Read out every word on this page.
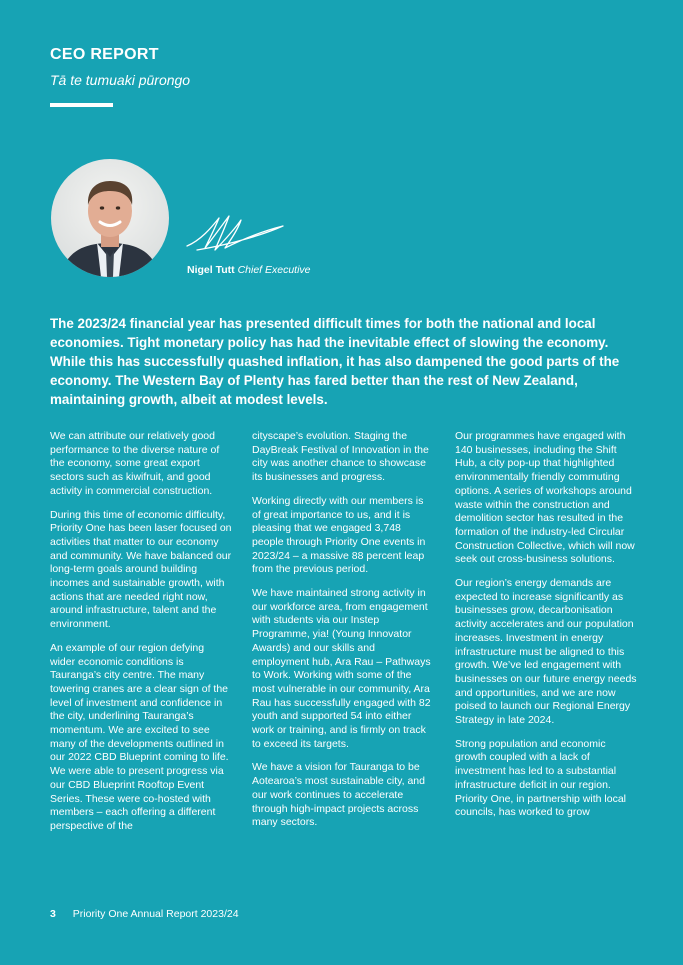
CEO REPORT

Tā te tumuaki pūrongo

Nigel Tutt Chief Executive

The 2023/24 financial year has presented difficult times for both the national and local economies. Tight monetary policy has had the inevitable effect of slowing the economy. While this has successfully quashed inflation, it has also dampened the good parts of the economy. The Western Bay of Plenty has fared better than the rest of New Zealand, maintaining growth, albeit at modest levels.

We can attribute our relatively good performance to the diverse nature of the economy, some great export sectors such as kiwifruit, and good activity in commercial construction.

During this time of economic difficulty, Priority One has been laser focused on activities that matter to our economy and community. We have balanced our long-term goals around building incomes and sustainable growth, with actions that are needed right now, around infrastructure, talent and the environment.

An example of our region defying wider economic conditions is Tauranga’s city centre. The many towering cranes are a clear sign of the level of investment and confidence in the city, underlining Tauranga’s momentum. We are excited to see many of the developments outlined in our 2022 CBD Blueprint coming to life. We were able to present progress via our CBD Blueprint Rooftop Event Series. These were co-hosted with members – each offering a different perspective of the

cityscape’s evolution. Staging the DayBreak Festival of Innovation in the city was another chance to showcase its businesses and progress.

Working directly with our members is of great importance to us, and it is pleasing that we engaged 3,748 people through Priority One events in 2023/24 – a massive 88 percent leap from the previous period.

We have maintained strong activity in our workforce area, from engagement with students via our Instep Programme, yia! (Young Innovator Awards) and our skills and employment hub, Ara Rau – Pathways to Work. Working with some of the most vulnerable in our community, Ara Rau has successfully engaged with 82 youth and supported 54 into either work or training, and is firmly on track to exceed its targets.

We have a vision for Tauranga to be Aotearoa’s most sustainable city, and our work continues to accelerate through high-impact projects across many sectors.

Our programmes have engaged with 140 businesses, including the Shift Hub, a city pop-up that highlighted environmentally friendly commuting options. A series of workshops around waste within the construction and demolition sector has resulted in the formation of the industry-led Circular Construction Collective, which will now seek out cross-business solutions.

Our region’s energy demands are expected to increase significantly as businesses grow, decarbonisation activity accelerates and our population increases. Investment in energy infrastructure must be aligned to this growth. We’ve led engagement with businesses on our future energy needs and opportunities, and we are now poised to launch our Regional Energy Strategy in late 2024.

Strong population and economic growth coupled with a lack of investment has led to a substantial infrastructure deficit in our region. Priority One, in partnership with local councils, has worked to grow

3 Priority One Annual Report 2023/24
